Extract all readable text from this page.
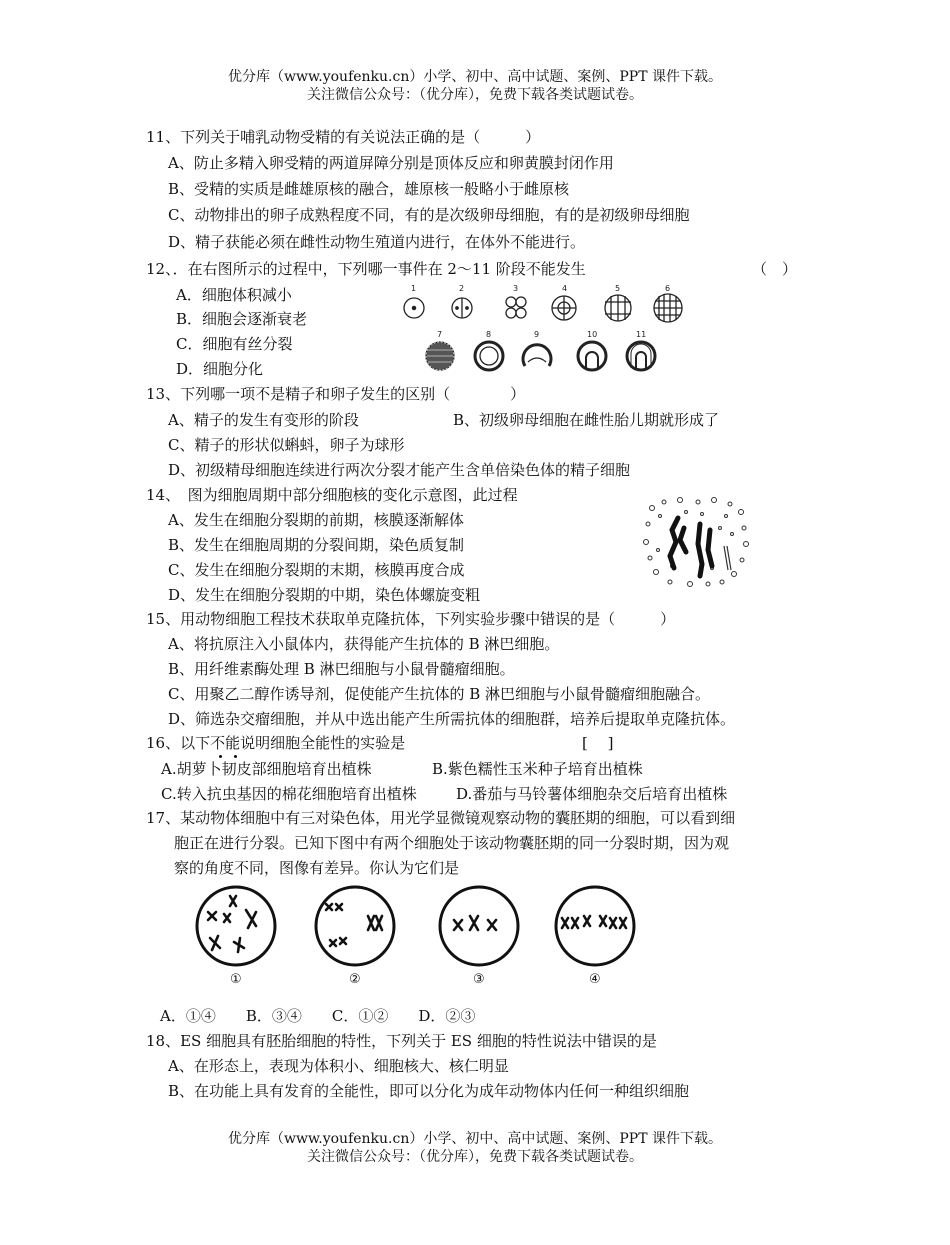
优分库（www.youfenku.cn）小学、初中、高中试题、案例、PPT 课件下载。
关注微信公众号：（优分库），免费下载各类试题试卷。
11、下列关于哺乳动物受精的有关说法正确的是（　　　）
A、防止多精入卵受精的两道屏障分别是顶体反应和卵黄膜封闭作用
B、受精的实质是雌雄原核的融合，雄原核一般略小于雌原核
C、动物排出的卵子成熟程度不同，有的是次级卵母细胞，有的是初级卵母细胞
D、精子获能必须在雌性动物生殖道内进行，在体外不能进行。
12、．在右图所示的过程中，下列哪一事件在 2～11 阶段不能发生	（　）
A．细胞体积减小
B．细胞会逐渐衰老
C．细胞有丝分裂
D．细胞分化
1	2	3	4	5	6
7	8	9	10	11
13、下列哪一项不是精子和卵子发生的区别（　　　　）
A、精子的发生有变形的阶段	B、初级卵母细胞在雌性胎儿期就形成了
C、精子的形状似蝌蚪，卵子为球形
D、初级精母细胞连续进行两次分裂才能产生含单倍染色体的精子细胞
14、　图为细胞周期中部分细胞核的变化示意图，此过程
A、发生在细胞分裂期的前期，核膜逐渐解体
B、发生在细胞周期的分裂间期，染色质复制
C、发生在细胞分裂期的末期，核膜再度合成
D、发生在细胞分裂期的中期，染色体螺旋变粗
15、用动物细胞工程技术获取单克隆抗体，下列实验步骤中错误的是（　　　）
A、将抗原注入小鼠体内，获得能产生抗体的 B 淋巴细胞。
B、用纤维素酶处理 B 淋巴细胞与小鼠骨髓瘤细胞。
C、用聚乙二醇作诱导剂，促使能产生抗体的 B 淋巴细胞与小鼠骨髓瘤细胞融合。
D、筛选杂交瘤细胞，并从中选出能产生所需抗体的细胞群，培养后提取单克隆抗体。
16、以下不能说明细胞全能性的实验是	[　 ]
A.胡萝卜韧皮部细胞培育出植株	B.紫色糯性玉米种子培育出植株
C.转入抗虫基因的棉花细胞培育出植株	D.番茄与马铃薯体细胞杂交后培育出植株
17、某动物体细胞中有三对染色体，用光学显微镜观察动物的囊胚期的细胞，可以看到细
胞正在进行分裂。已知下图中有两个细胞处于该动物囊胚期的同一分裂时期，因为观
察的角度不同，图像有差异。你认为它们是
①	②	③	④
A．①④　　B．③④　　C．①②　　D．②③
18、ES 细胞具有胚胎细胞的特性，下列关于 ES 细胞的特性说法中错误的是
A、在形态上，表现为体积小、细胞核大、核仁明显
B、在功能上具有发育的全能性，即可以分化为成年动物体内任何一种组织细胞
优分库（www.youfenku.cn）小学、初中、高中试题、案例、PPT 课件下载。
关注微信公众号：（优分库），免费下载各类试题试卷。
